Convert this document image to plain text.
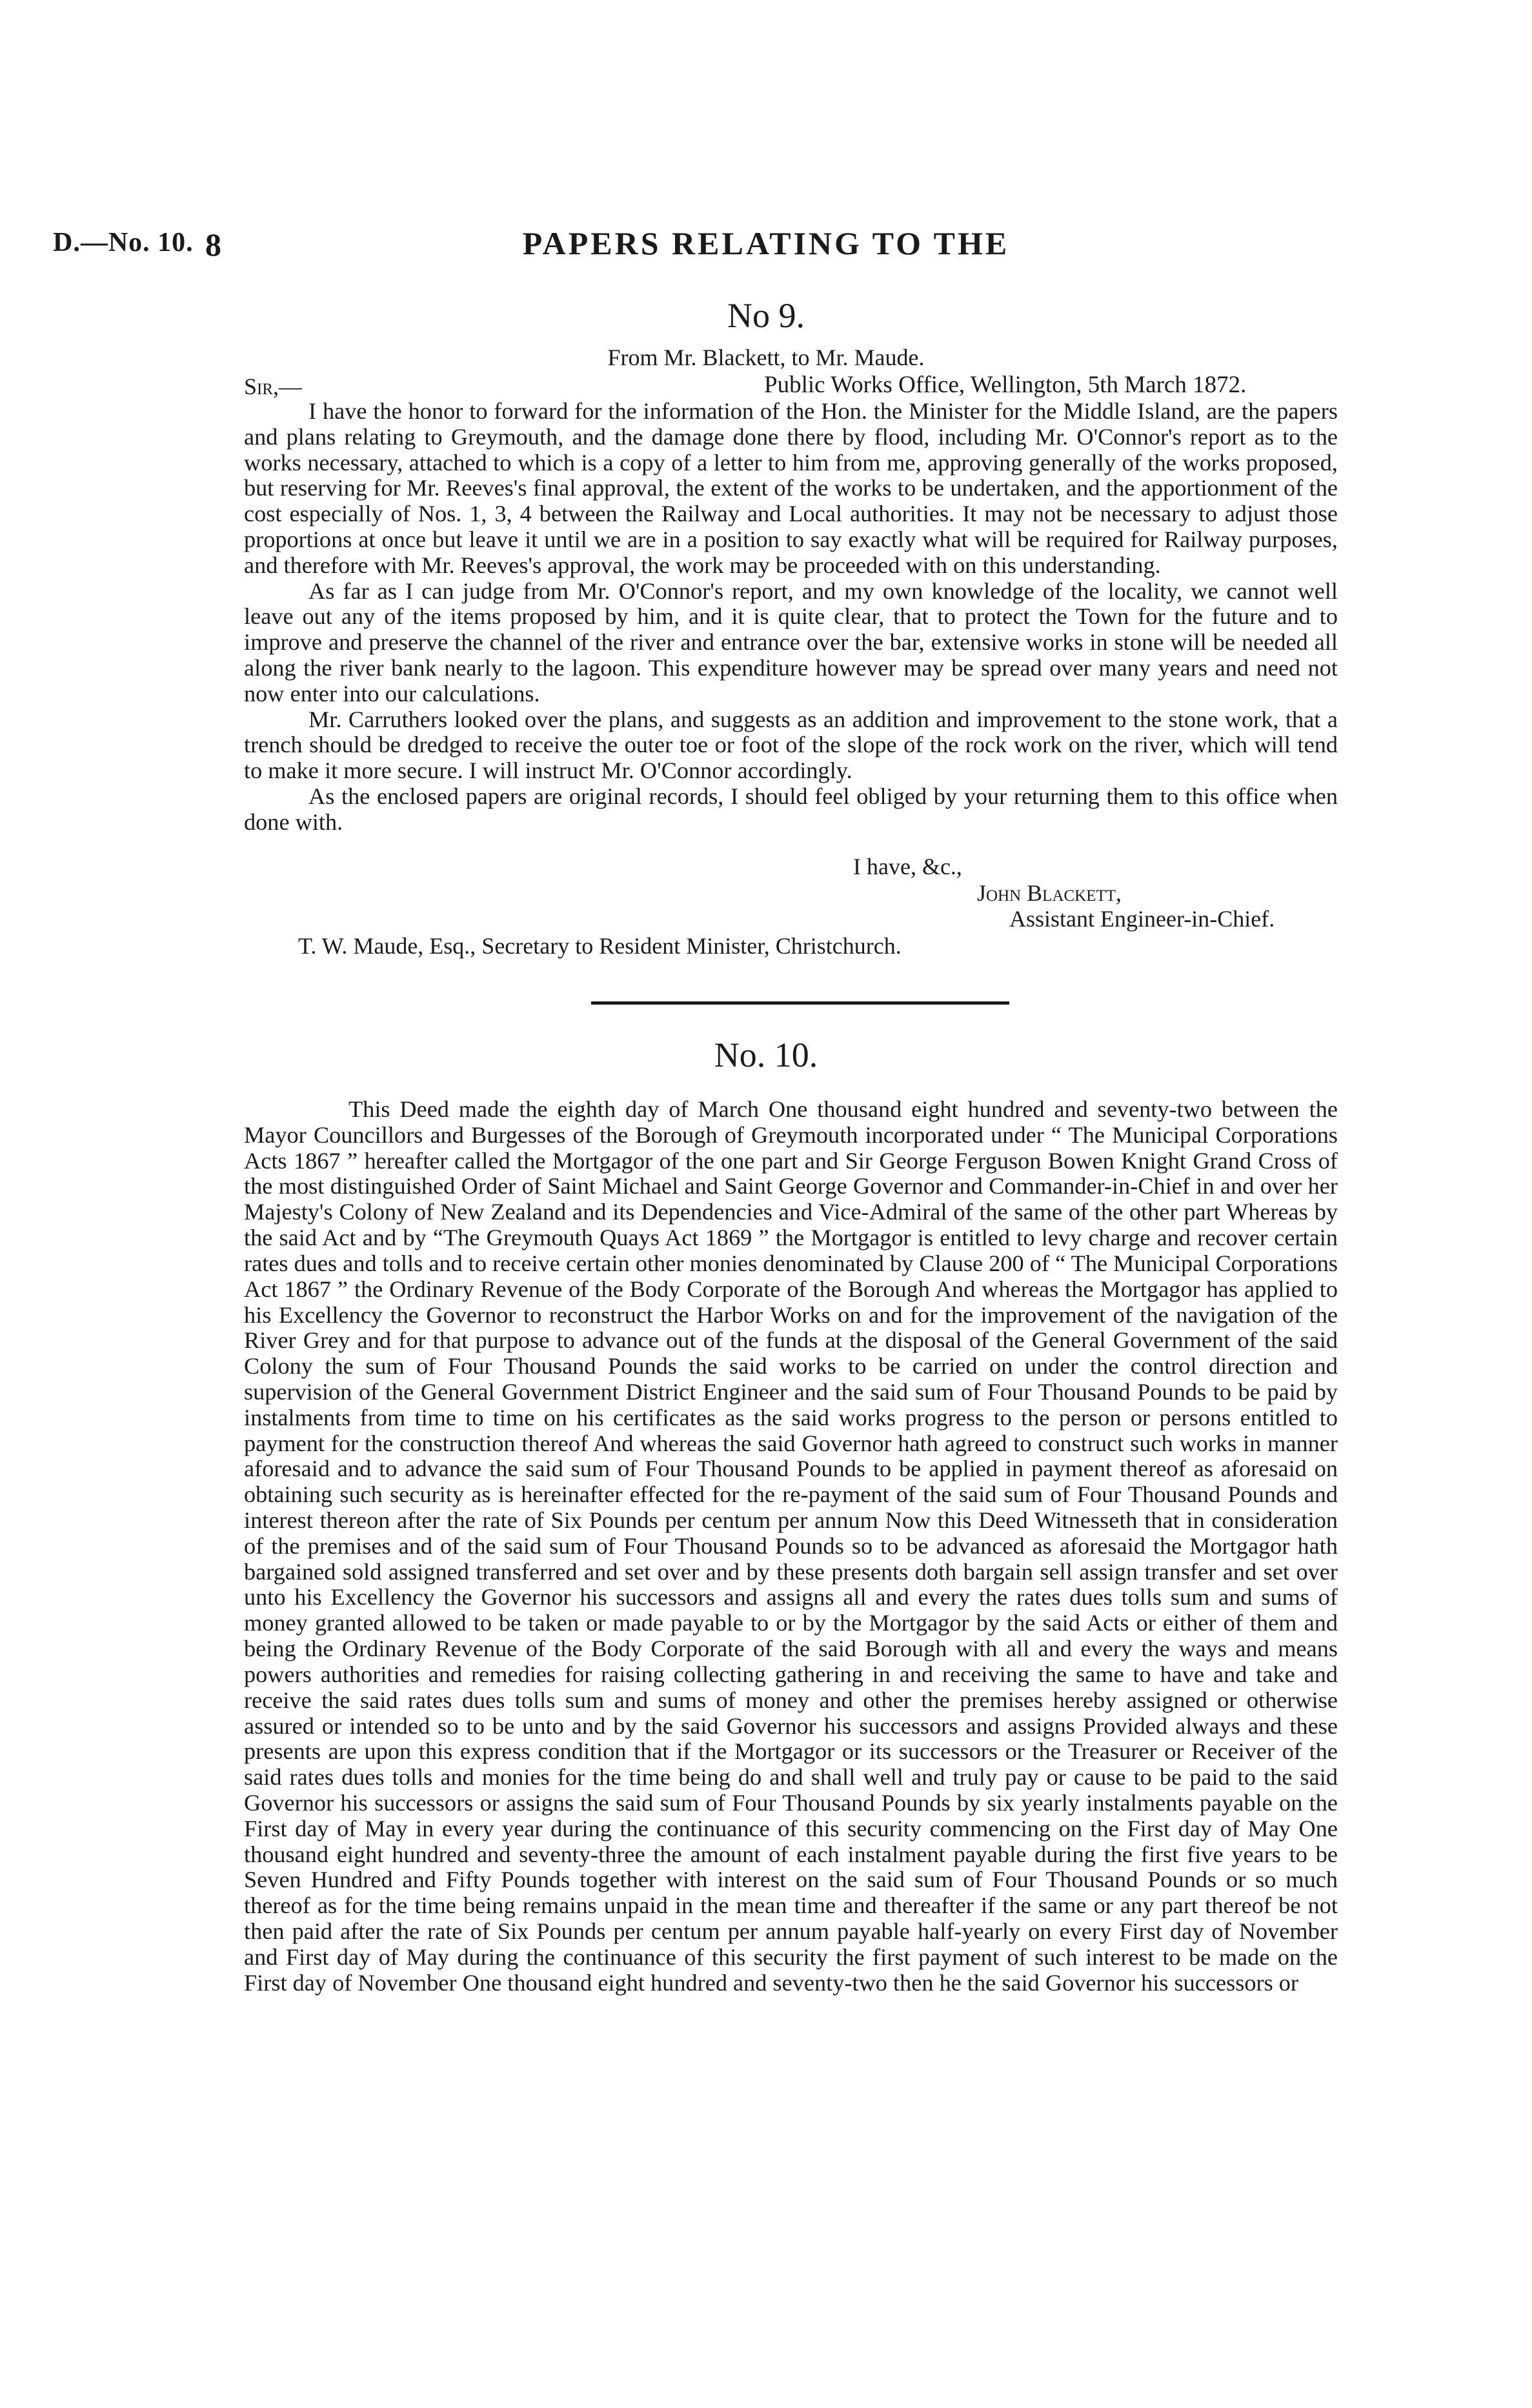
D.—No. 10. 8	PAPERS RELATING TO THE
No 9.
From Mr. Blackett, to Mr. Maude.
Sir,—	Public Works Office, Wellington, 5th March 1872.

I have the honor to forward for the information of the Hon. the Minister for the Middle Island, are the papers and plans relating to Greymouth, and the damage done there by flood, including Mr. O'Connor's report as to the works necessary, attached to which is a copy of a letter to him from me, approving generally of the works proposed, but reserving for Mr. Reeves's final approval, the extent of the works to be undertaken, and the apportionment of the cost especially of Nos. 1, 3, 4 between the Railway and Local authorities. It may not be necessary to adjust those proportions at once but leave it until we are in a position to say exactly what will be required for Railway purposes, and therefore with Mr. Reeves's approval, the work may be proceeded with on this understanding.

As far as I can judge from Mr. O'Connor's report, and my own knowledge of the locality, we cannot well leave out any of the items proposed by him, and it is quite clear, that to protect the Town for the future and to improve and preserve the channel of the river and entrance over the bar, extensive works in stone will be needed all along the river bank nearly to the lagoon. This expenditure however may be spread over many years and need not now enter into our calculations.

Mr. Carruthers looked over the plans, and suggests as an addition and improvement to the stone work, that a trench should be dredged to receive the outer toe or foot of the slope of the rock work on the river, which will tend to make it more secure. I will instruct Mr. O'Connor accordingly.

As the enclosed papers are original records, I should feel obliged by your returning them to this office when done with.

I have, &c.,
John Blackett,
Assistant Engineer-in-Chief.
T. W. Maude, Esq., Secretary to Resident Minister, Christchurch.
No. 10.

This Deed made the eighth day of March One thousand eight hundred and seventy-two between the Mayor Councillors and Burgesses of the Borough of Greymouth incorporated under “ The Municipal Corporations Acts 1867 ” hereafter called the Mortgagor of the one part and Sir George Ferguson Bowen Knight Grand Cross of the most distinguished Order of Saint Michael and Saint George Governor and Commander-in-Chief in and over her Majesty's Colony of New Zealand and its Dependencies and Vice-Admiral of the same of the other part Whereas by the said Act and by “The Greymouth Quays Act 1869 ” the Mortgagor is entitled to levy charge and recover certain rates dues and tolls and to receive certain other monies denominated by Clause 200 of “ The Municipal Corporations Act 1867 ” the Ordinary Revenue of the Body Corporate of the Borough And whereas the Mortgagor has applied to his Excellency the Governor to reconstruct the Harbor Works on and for the improvement of the navigation of the River Grey and for that purpose to advance out of the funds at the disposal of the General Government of the said Colony the sum of Four Thousand Pounds the said works to be carried on under the control direction and supervision of the General Government District Engineer and the said sum of Four Thousand Pounds to be paid by instalments from time to time on his certificates as the said works progress to the person or persons entitled to payment for the construction thereof And whereas the said Governor hath agreed to construct such works in manner aforesaid and to advance the said sum of Four Thousand Pounds to be applied in payment thereof as aforesaid on obtaining such security as is hereinafter effected for the re-payment of the said sum of Four Thousand Pounds and interest thereon after the rate of Six Pounds per centum per annum Now this Deed Witnesseth that in consideration of the premises and of the said sum of Four Thousand Pounds so to be advanced as aforesaid the Mortgagor hath bargained sold assigned transferred and set over and by these presents doth bargain sell assign transfer and set over unto his Excellency the Governor his successors and assigns all and every the rates dues tolls sum and sums of money granted allowed to be taken or made payable to or by the Mortgagor by the said Acts or either of them and being the Ordinary Revenue of the Body Corporate of the said Borough with all and every the ways and means powers authorities and remedies for raising collecting gathering in and receiving the same to have and take and receive the said rates dues tolls sum and sums of money and other the premises hereby assigned or otherwise assured or intended so to be unto and by the said Governor his successors and assigns Provided always and these presents are upon this express condition that if the Mortgagor or its successors or the Treasurer or Receiver of the said rates dues tolls and monies for the time being do and shall well and truly pay or cause to be paid to the said Governor his successors or assigns the said sum of Four Thousand Pounds by six yearly instalments payable on the First day of May in every year during the continuance of this security commencing on the First day of May One thousand eight hundred and seventy-three the amount of each instalment payable during the first five years to be Seven Hundred and Fifty Pounds together with interest on the said sum of Four Thousand Pounds or so much thereof as for the time being remains unpaid in the mean time and thereafter if the same or any part thereof be not then paid after the rate of Six Pounds per centum per annum payable half-yearly on every First day of November and First day of May during the continuance of this security the first payment of such interest to be made on the First day of November One thousand eight hundred and seventy-two then he the said Governor his successors or
